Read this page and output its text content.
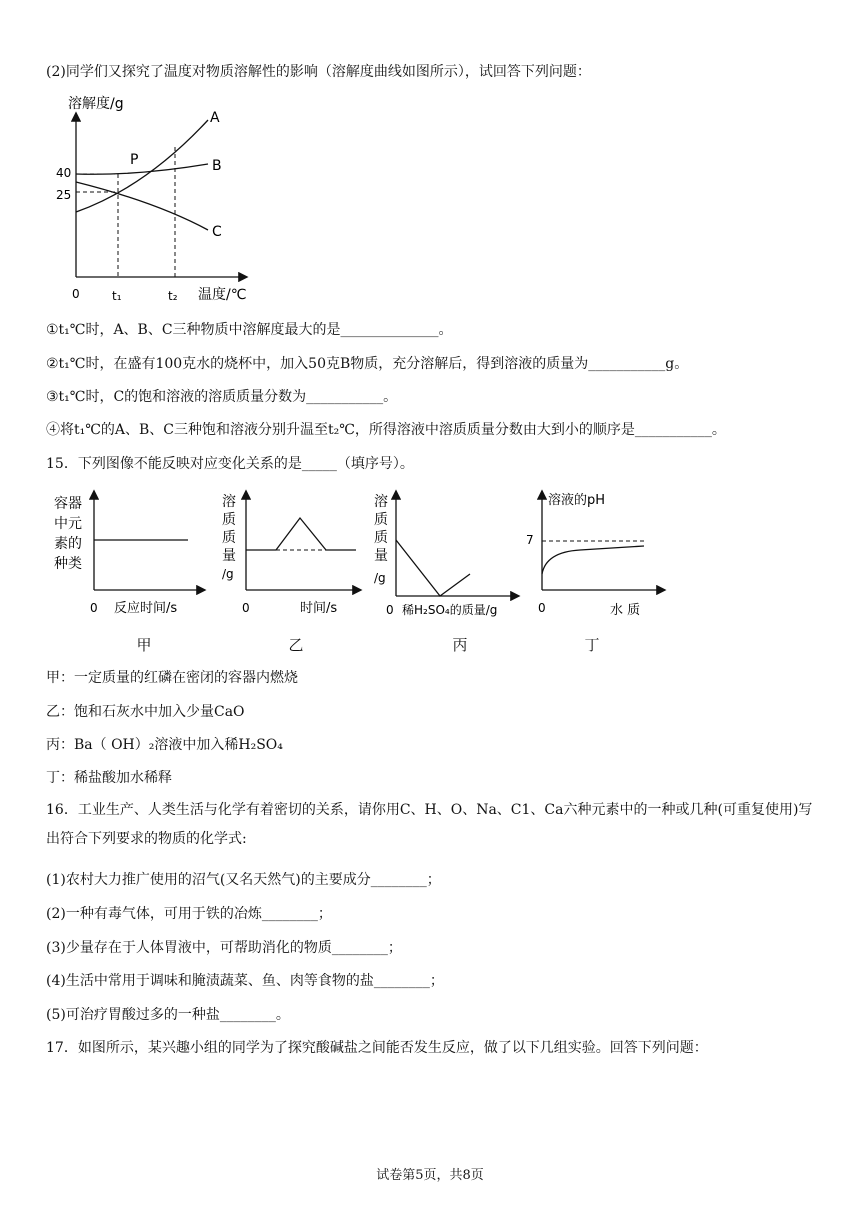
(2)同学们又探究了温度对物质溶解性的影响（溶解度曲线如图所示），试回答下列问题：
溶解度/g
温度/℃
0
40
25
t₁	t₂
A
B
C
P
①t₁℃时，A、B、C三种物质中溶解度最大的是______________。
②t₁℃时，在盛有100克水的烧杯中，加入50克B物质，充分溶解后，得到溶液的质量为___________g。
③t₁℃时，C的饱和溶液的溶质质量分数为___________。
④将t₁℃的A、B、C三种饱和溶液分别升温至t₂℃，所得溶液中溶质质量分数由大到小的顺序是___________。
15．下列图像不能反映对应变化关系的是_____（填序号）。
容器
中元
素的
种类
0 反应时间/s
甲
溶
质
质
量
/g
0	时间/s
乙
溶
质
质
量
/g
0 稀H₂SO₄的质量/g
丙
溶液的pH
7
0	水 质
丁
甲：一定质量的红磷在密闭的容器内燃烧
乙：饱和石灰水中加入少量CaO
丙：Ba（ OH）₂溶液中加入稀H₂SO₄
丁：稀盐酸加水稀释
16．工业生产、人类生活与化学有着密切的关系，请你用C、H、O、Na、C1、Ca六种元素中的一种或几种(可重复使用)写出符合下列要求的物质的化学式:
(1)农村大力推广使用的沼气(又名天然气)的主要成分________；
(2)一种有毒气体，可用于铁的冶炼________；
(3)少量存在于人体胃液中，可帮助消化的物质________；
(4)生活中常用于调味和腌渍蔬菜、鱼、肉等食物的盐________；
(5)可治疗胃酸过多的一种盐________。
17．如图所示，某兴趣小组的同学为了探究酸碱盐之间能否发生反应，做了以下几组实验。回答下列问题：
试卷第5页，共8页
